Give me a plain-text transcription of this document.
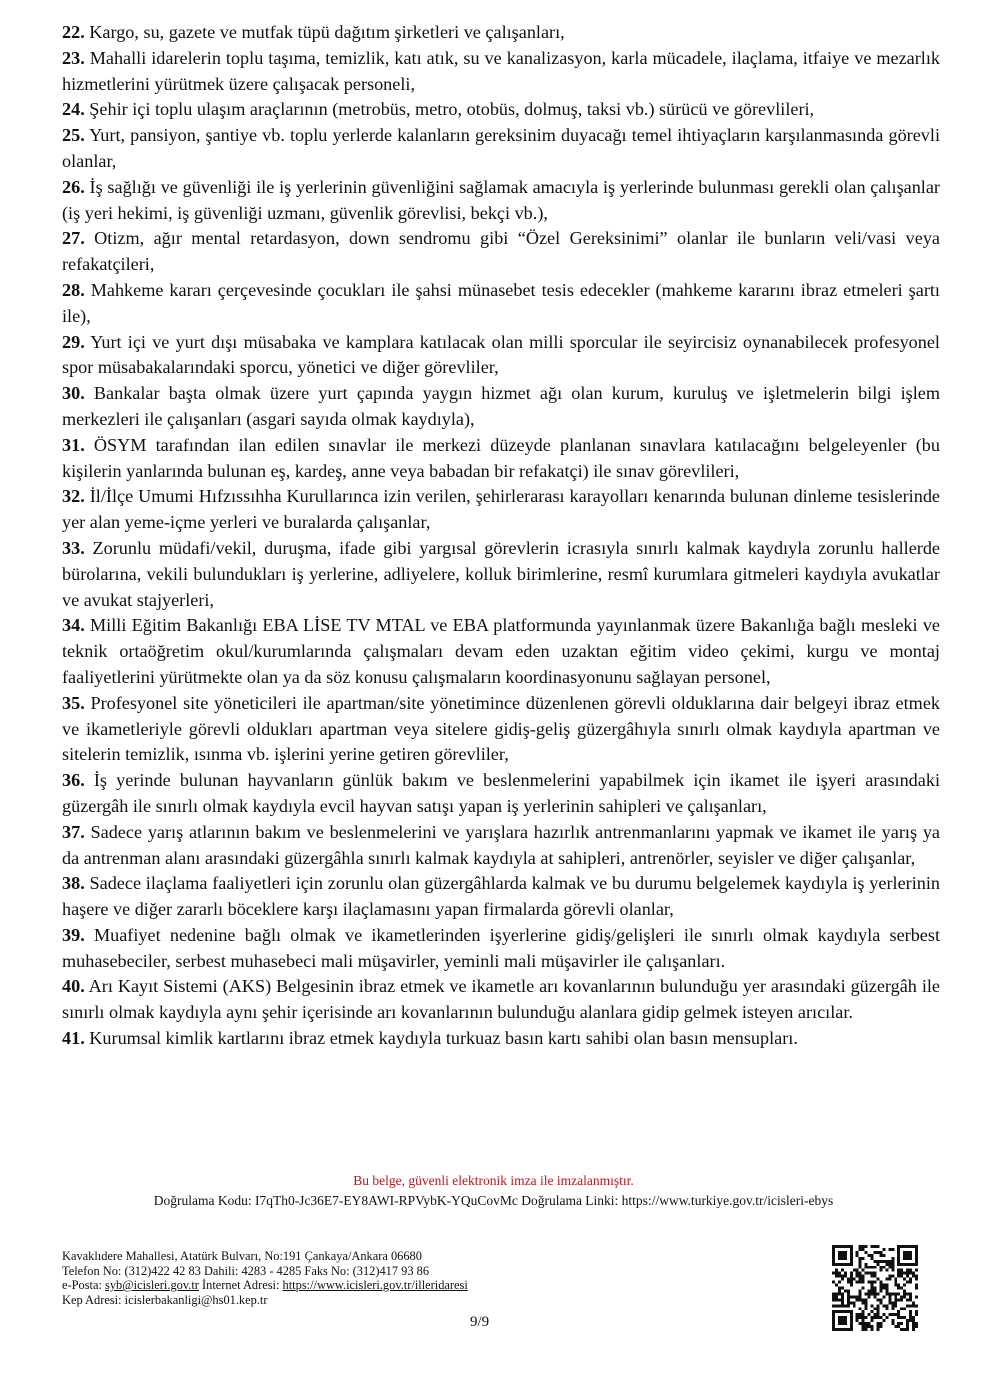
22. Kargo, su, gazete ve mutfak tüpü dağıtım şirketleri ve çalışanları,

23. Mahalli idarelerin toplu taşıma, temizlik, katı atık, su ve kanalizasyon, karla mücadele, ilaçlama, itfaiye ve mezarlık hizmetlerini yürütmek üzere çalışacak personeli,

24. Şehir içi toplu ulaşım araçlarının (metrobüs, metro, otobüs, dolmuş, taksi vb.) sürücü ve görevlileri,

25. Yurt, pansiyon, şantiye vb. toplu yerlerde kalanların gereksinim duyacağı temel ihtiyaçların karşılanmasında görevli olanlar,

26. İş sağlığı ve güvenliği ile iş yerlerinin güvenliğini sağlamak amacıyla iş yerlerinde bulunması gerekli olan çalışanlar (iş yeri hekimi, iş güvenliği uzmanı, güvenlik görevlisi, bekçi vb.),

27. Otizm, ağır mental retardasyon, down sendromu gibi “Özel Gereksinimi” olanlar ile bunların veli/vasi veya refakatçileri,

28. Mahkeme kararı çerçevesinde çocukları ile şahsi münasebet tesis edecekler (mahkeme kararını ibraz etmeleri şartı ile),

29. Yurt içi ve yurt dışı müsabaka ve kamplara katılacak olan milli sporcular ile seyircisiz oynanabilecek profesyonel spor müsabakalarındaki sporcu, yönetici ve diğer görevliler,

30. Bankalar başta olmak üzere yurt çapında yaygın hizmet ağı olan kurum, kuruluş ve işletmelerin bilgi işlem merkezleri ile çalışanları (asgari sayıda olmak kaydıyla),

31. ÖSYM tarafından ilan edilen sınavlar ile merkezi düzeyde planlanan sınavlara katılacağını belgeleyenler (bu kişilerin yanlarında bulunan eş, kardeş, anne veya babadan bir refakatçi) ile sınav görevlileri,

32. İl/İlçe Umumi Hıfzıssıhha Kurullarınca izin verilen, şehirlerarası karayolları kenarında bulunan dinleme tesislerinde yer alan yeme-içme yerleri ve buralarda çalışanlar,

33. Zorunlu müdafi/vekil, duruşma, ifade gibi yargısal görevlerin icrasıyla sınırlı kalmak kaydıyla zorunlu hallerde bürolarına, vekili bulundukları iş yerlerine, adliyelere, kolluk birimlerine, resmî kurumlara gitmeleri kaydıyla avukatlar ve avukat stajyerleri,

34. Milli Eğitim Bakanlığı EBA LİSE TV MTAL ve EBA platformunda yayınlanmak üzere Bakanlığa bağlı mesleki ve teknik ortaöğretim okul/kurumlarında çalışmaları devam eden uzaktan eğitim video çekimi, kurgu ve montaj faaliyetlerini yürütmekte olan ya da söz konusu çalışmaların koordinasyonunu sağlayan personel,

35. Profesyonel site yöneticileri ile apartman/site yönetimince düzenlenen görevli olduklarına dair belgeyi ibraz etmek ve ikametleriyle görevli oldukları apartman veya sitelere gidiş-geliş güzergâhıyla sınırlı olmak kaydıyla apartman ve sitelerin temizlik, ısınma vb. işlerini yerine getiren görevliler,

36. İş yerinde bulunan hayvanların günlük bakım ve beslenmelerini yapabilmek için ikamet ile işyeri arasındaki güzergâh ile sınırlı olmak kaydıyla evcil hayvan satışı yapan iş yerlerinin sahipleri ve çalışanları,

37. Sadece yarış atlarının bakım ve beslenmelerini ve yarışlara hazırlık antrenmanlarını yapmak ve ikamet ile yarış ya da antrenman alanı arasındaki güzergâhla sınırlı kalmak kaydıyla at sahipleri, antrenörler, seyisler ve diğer çalışanlar,

38. Sadece ilaçlama faaliyetleri için zorunlu olan güzergâhlarda kalmak ve bu durumu belgelemek kaydıyla iş yerlerinin haşere ve diğer zararlı böceklere karşı ilaçlamasını yapan firmalarda görevli olanlar,

39. Muafiyet nedenine bağlı olmak ve ikametlerinden işyerlerine gidiş/gelişleri ile sınırlı olmak kaydıyla serbest muhasebeciler, serbest muhasebeci mali müşavirler, yeminli mali müşavirler ile çalışanları.

40. Arı Kayıt Sistemi (AKS) Belgesinin ibraz etmek ve ikametle arı kovanlarının bulunduğu yer arasındaki güzergâh ile sınırlı olmak kaydıyla aynı şehir içerisinde arı kovanlarının bulunduğu alanlara gidip gelmek isteyen arıcılar.

41. Kurumsal kimlik kartlarını ibraz etmek kaydıyla turkuaz basın kartı sahibi olan basın mensupları.

Bu belge, güvenli elektronik imza ile imzalanmıştır.
Doğrulama Kodu: I7qTh0-Jc36E7-EY8AWI-RPVybK-YQuCovMc Doğrulama Linki: https://www.turkiye.gov.tr/icisleri-ebys
Kavaklıdere Mahallesi, Atatürk Bulvarı, No:191 Çankaya/Ankara 06680
Telefon No: (312)422 42 83 Dahili: 4283 - 4285 Faks No: (312)417 93 86
e-Posta: syb@icisleri.gov.tr İnternet Adresi: https://www.icisleri.gov.tr/illeridaresi
Kep Adresi: icislerbakanligi@hs01.kep.tr
9/9
